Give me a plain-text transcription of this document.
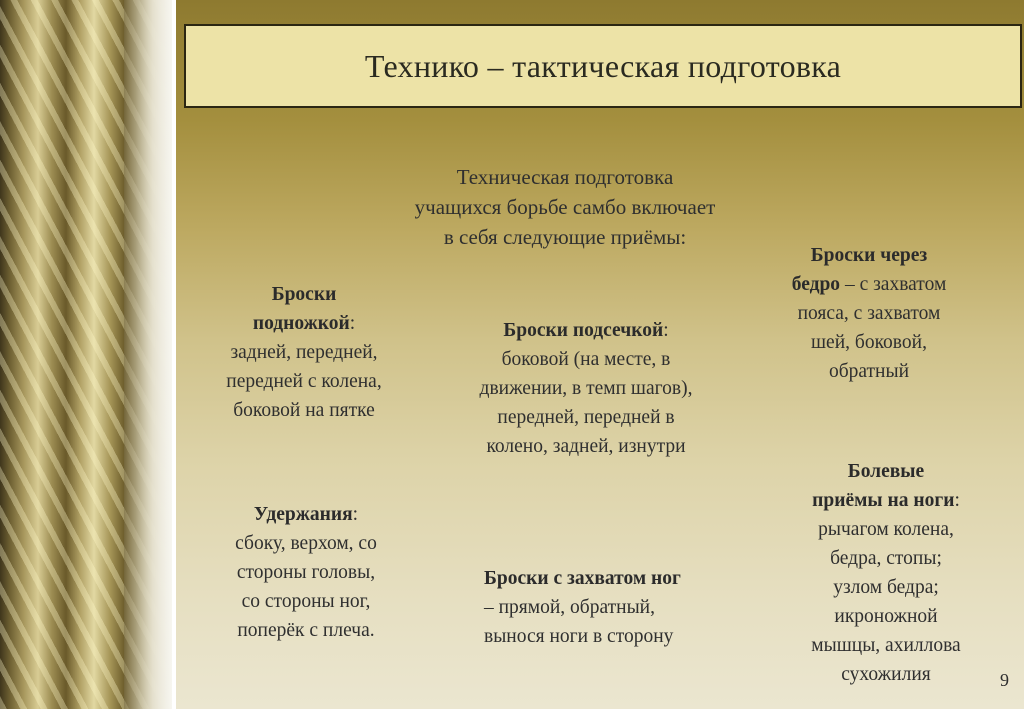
Технико – тактическая подготовка
Техническая подготовка
учащихся борьбе самбо включает
в себя следующие приёмы:
Броски
подножкой:
задней, передней,
передней с колена,
боковой на пятке
Броски подсечкой:
боковой (на месте, в
движении, в темп шагов),
передней, передней в
колено, задней, изнутри
Броски через
бедро – с захватом
пояса, с захватом
шей, боковой,
обратный
Удержания:
сбоку, верхом, со
стороны головы,
со стороны ног,
поперёк с плеча.
Броски с захватом ног
– прямой, обратный,
вынося ноги в сторону
Болевые
приёмы на ноги:
рычагом колена,
бедра, стопы;
узлом бедра;
икроножной
мышцы, ахиллова
сухожилия	9
